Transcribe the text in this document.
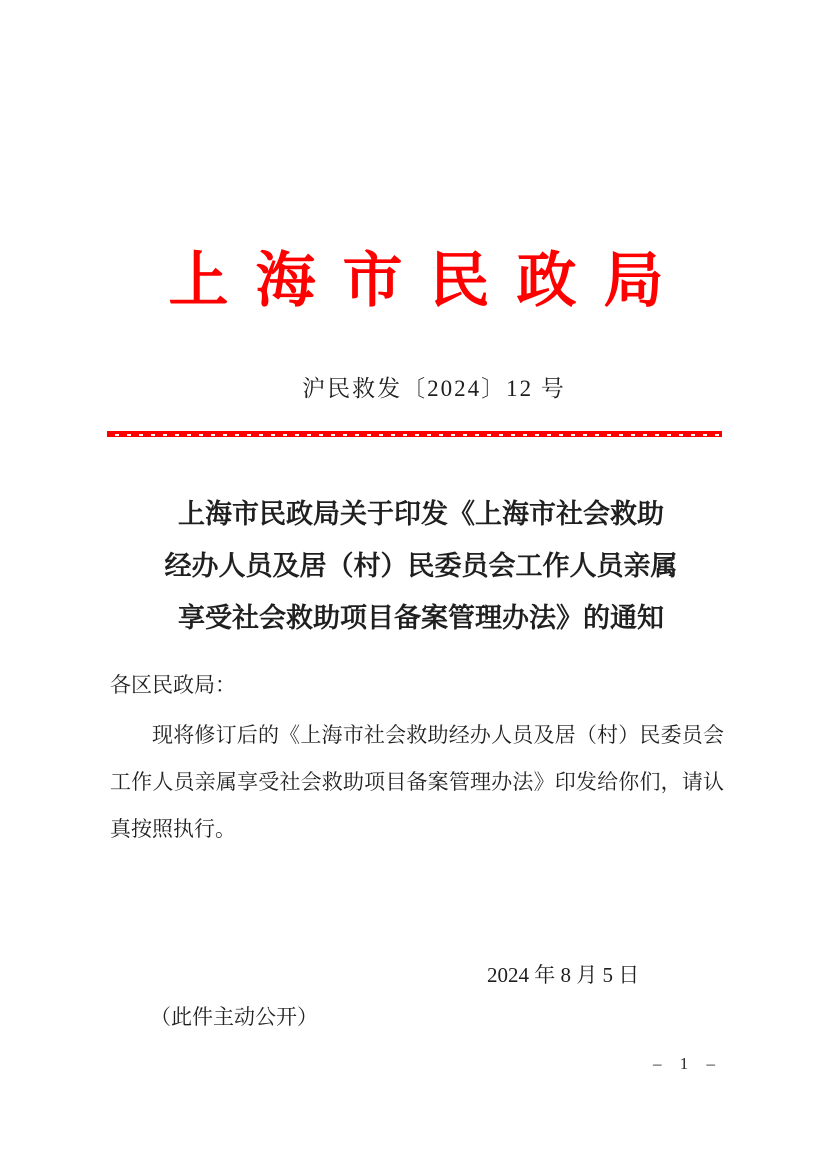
上海市民政局
沪民救发〔2024〕12 号
上海市民政局关于印发《上海市社会救助
经办人员及居（村）民委员会工作人员亲属
享受社会救助项目备案管理办法》的通知
各区民政局：
现将修订后的《上海市社会救助经办人员及居（村）民委员会工作人员亲属享受社会救助项目备案管理办法》印发给你们，请认真按照执行。
2024 年 8 月 5 日
（此件主动公开）
– 1 –
